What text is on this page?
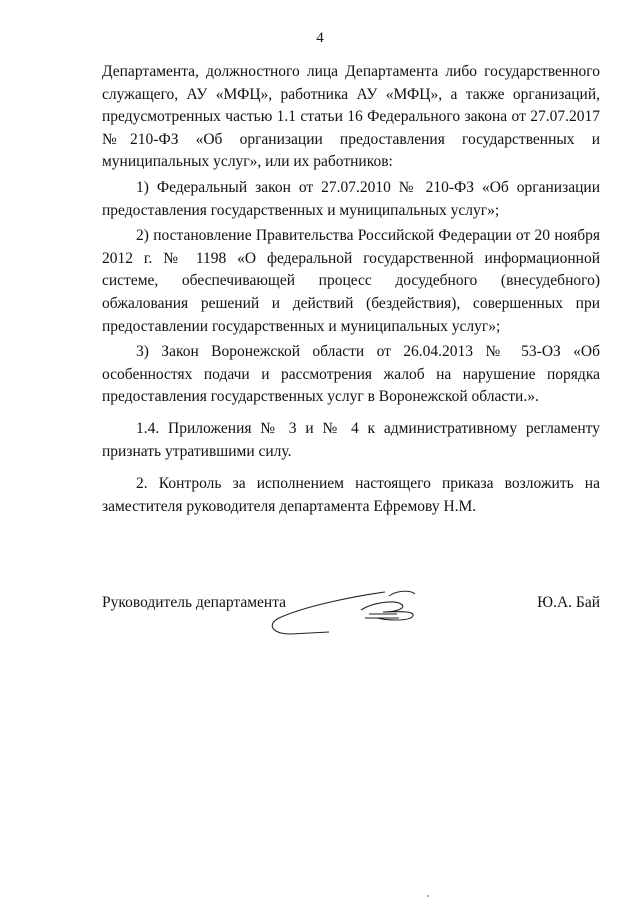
4

Департамента, должностного лица Департамента либо государственного служащего, АУ «МФЦ», работника АУ «МФЦ», а также организаций, предусмотренных частью 1.1 статьи 16 Федерального закона от 27.07.2017 №210-ФЗ «Об организации предоставления государственных и муниципальных услуг», или их работников:

1) Федеральный закон от 27.07.2010 № 210-ФЗ «Об организации предоставления государственных и муниципальных услуг»;

2) постановление Правительства Российской Федерации от 20 ноября 2012 г. № 1198 «О федеральной государственной информационной системе, обеспечивающей процесс досудебного (внесудебного) обжалования решений и действий (бездействия), совершенных при предоставлении государственных и муниципальных услуг»;

3) Закон Воронежской области от 26.04.2013 № 53-ОЗ «Об особенностях подачи и рассмотрения жалоб на нарушение порядка предоставления государственных услуг в Воронежской области.».

1.4. Приложения № 3 и № 4 к административному регламенту признать утратившими силу.

2. Контроль за исполнением настоящего приказа возложить на заместителя руководителя департамента Ефремову Н.М.

Руководитель департамента	Ю.А. Бай
